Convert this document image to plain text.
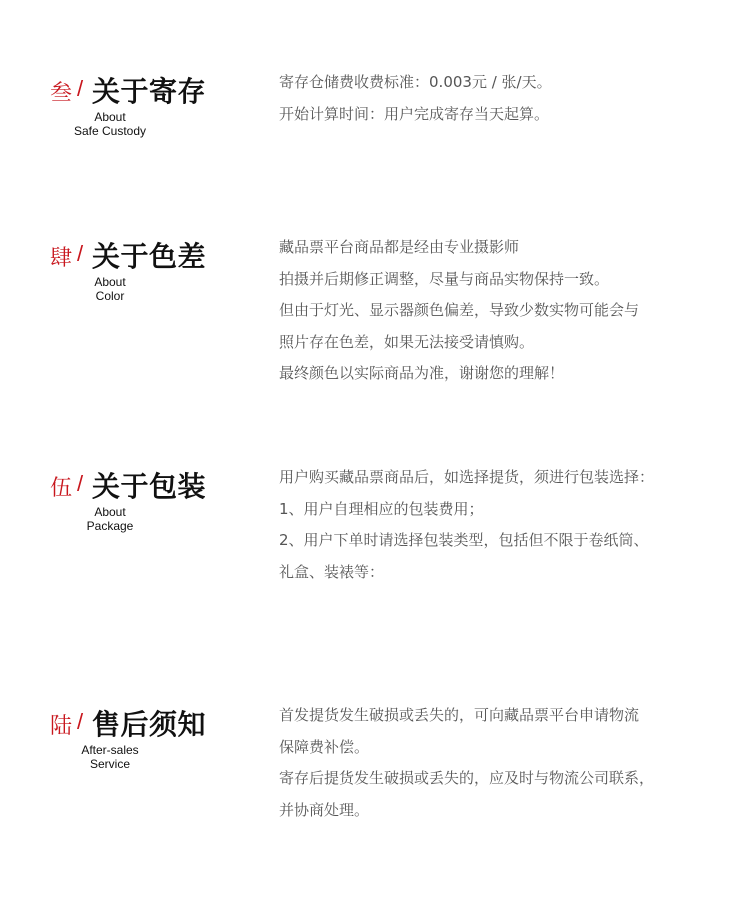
叁 / 关于寄存
About
Safe Custody

寄存仓储费收费标准：0.003元 / 张/天。

开始计算时间：用户完成寄存当天起算。

肆 / 关于色差
About
Color

藏品票平台商品都是经由专业摄影师

拍摄并后期修正调整，尽量与商品实物保持一致。

但由于灯光、显示器颜色偏差，导致少数实物可能会与

照片存在色差，如果无法接受请慎购。

最终颜色以实际商品为准，谢谢您的理解！

伍 / 关于包装
About
Package

用户购买藏品票商品后，如选择提货，须进行包装选择：

1、用户自理相应的包装费用；

2、用户下单时请选择包装类型，包括但不限于卷纸筒、

礼盒、装裱等：

陆 / 售后须知
After-sales
Service

首发提货发生破损或丢失的，可向藏品票平台申请物流

保障费补偿。

寄存后提货发生破损或丢失的，应及时与物流公司联系，

并协商处理。
